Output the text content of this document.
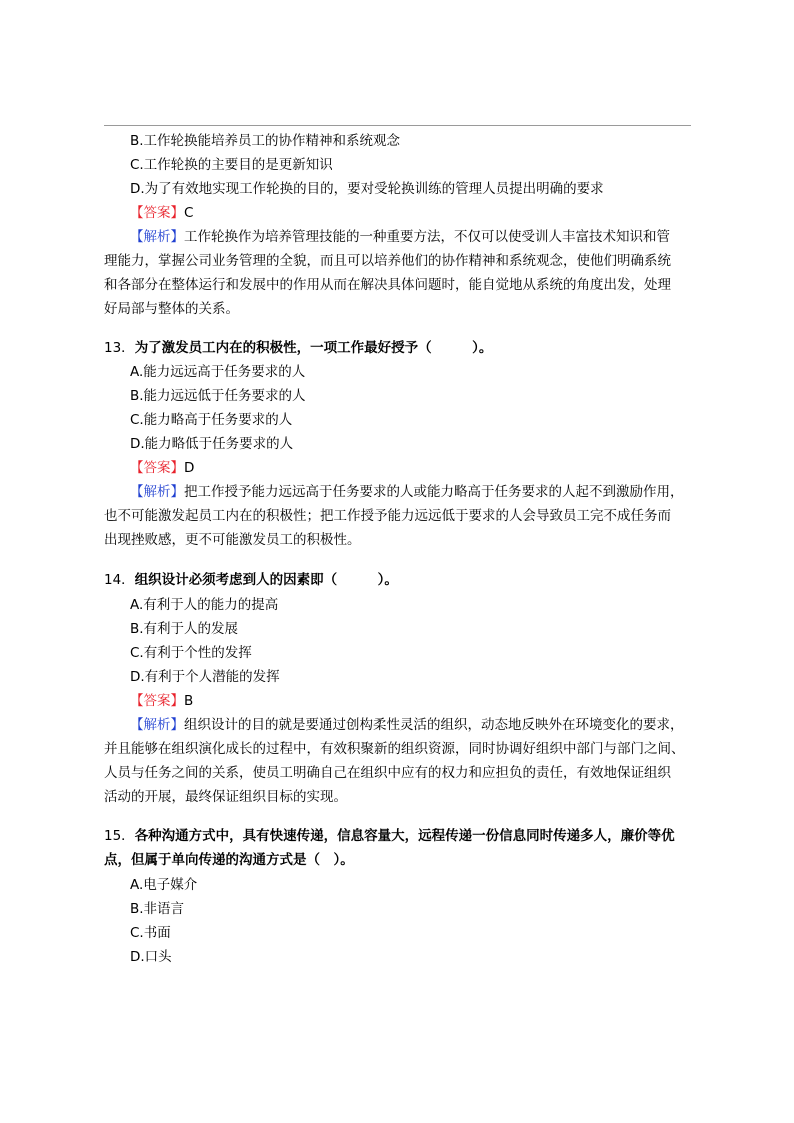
B.工作轮换能培养员工的协作精神和系统观念
C.工作轮换的主要目的是更新知识
D.为了有效地实现工作轮换的目的，要对受轮换训练的管理人员提出明确的要求
【答案】C
【解析】工作轮换作为培养管理技能的一种重要方法，不仅可以使受训人丰富技术知识和管
理能力，掌握公司业务管理的全貌，而且可以培养他们的协作精神和系统观念，使他们明确系统
和各部分在整体运行和发展中的作用从而在解决具体问题时，能自觉地从系统的角度出发，处理
好局部与整体的关系。
13．为了激发员工内在的积极性，一项工作最好授予（　　　）。
A.能力远远高于任务要求的人
B.能力远远低于任务要求的人
C.能力略高于任务要求的人
D.能力略低于任务要求的人
【答案】D
【解析】把工作授予能力远远高于任务要求的人或能力略高于任务要求的人起不到激励作用，
也不可能激发起员工内在的积极性；把工作授予能力远远低于要求的人会导致员工完不成任务而
出现挫败感，更不可能激发员工的积极性。
14．组织设计必须考虑到人的因素即（　　　）。
A.有利于人的能力的提高
B.有利于人的发展
C.有利于个性的发挥
D.有利于个人潜能的发挥
【答案】B
【解析】组织设计的目的就是要通过创构柔性灵活的组织，动态地反映外在环境变化的要求，
并且能够在组织演化成长的过程中，有效积聚新的组织资源，同时协调好组织中部门与部门之间、
人员与任务之间的关系，使员工明确自己在组织中应有的权力和应担负的责任，有效地保证组织
活动的开展，最终保证组织目标的实现。
15．各种沟通方式中，具有快速传递，信息容量大，远程传递一份信息同时传递多人，廉价等优
点，但属于单向传递的沟通方式是（　）。
A.电子媒介
B.非语言
C.书面
D.口头
